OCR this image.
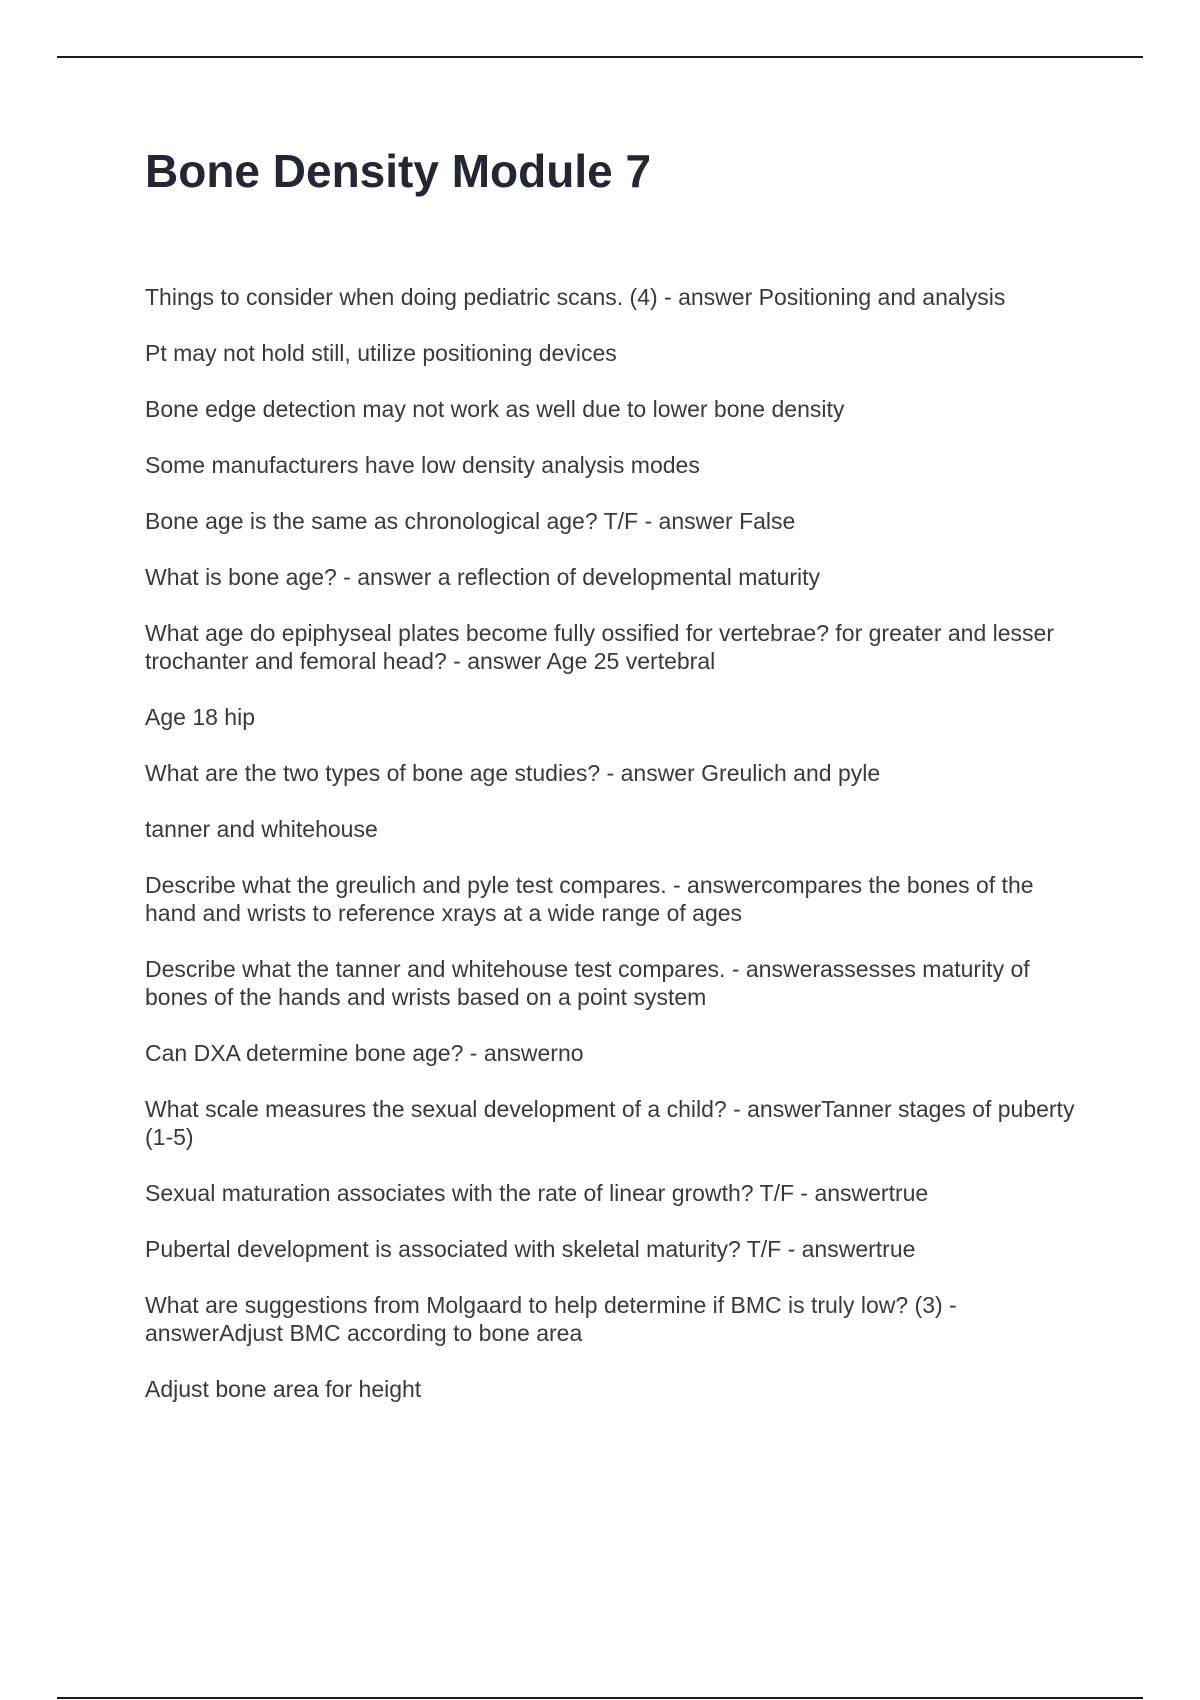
Bone Density Module 7

Things to consider when doing pediatric scans. (4) - answer Positioning and analysis

Pt may not hold still, utilize positioning devices

Bone edge detection may not work as well due to lower bone density

Some manufacturers have low density analysis modes

Bone age is the same as chronological age? T/F - answer False

What is bone age? - answer a reflection of developmental maturity

What age do epiphyseal plates become fully ossified for vertebrae? for greater and lesser trochanter and femoral head? - answer Age 25 vertebral

Age 18 hip

What are the two types of bone age studies? - answer Greulich and pyle

tanner and whitehouse

Describe what the greulich and pyle test compares. - answercompares the bones of the hand and wrists to reference xrays at a wide range of ages

Describe what the tanner and whitehouse test compares. - answerassesses maturity of bones of the hands and wrists based on a point system

Can DXA determine bone age? - answerno

What scale measures the sexual development of a child? - answerTanner stages of puberty (1-5)

Sexual maturation associates with the rate of linear growth? T/F - answertrue

Pubertal development is associated with skeletal maturity? T/F - answertrue

What are suggestions from Molgaard to help determine if BMC is truly low? (3) - answerAdjust BMC according to bone area

Adjust bone area for height
